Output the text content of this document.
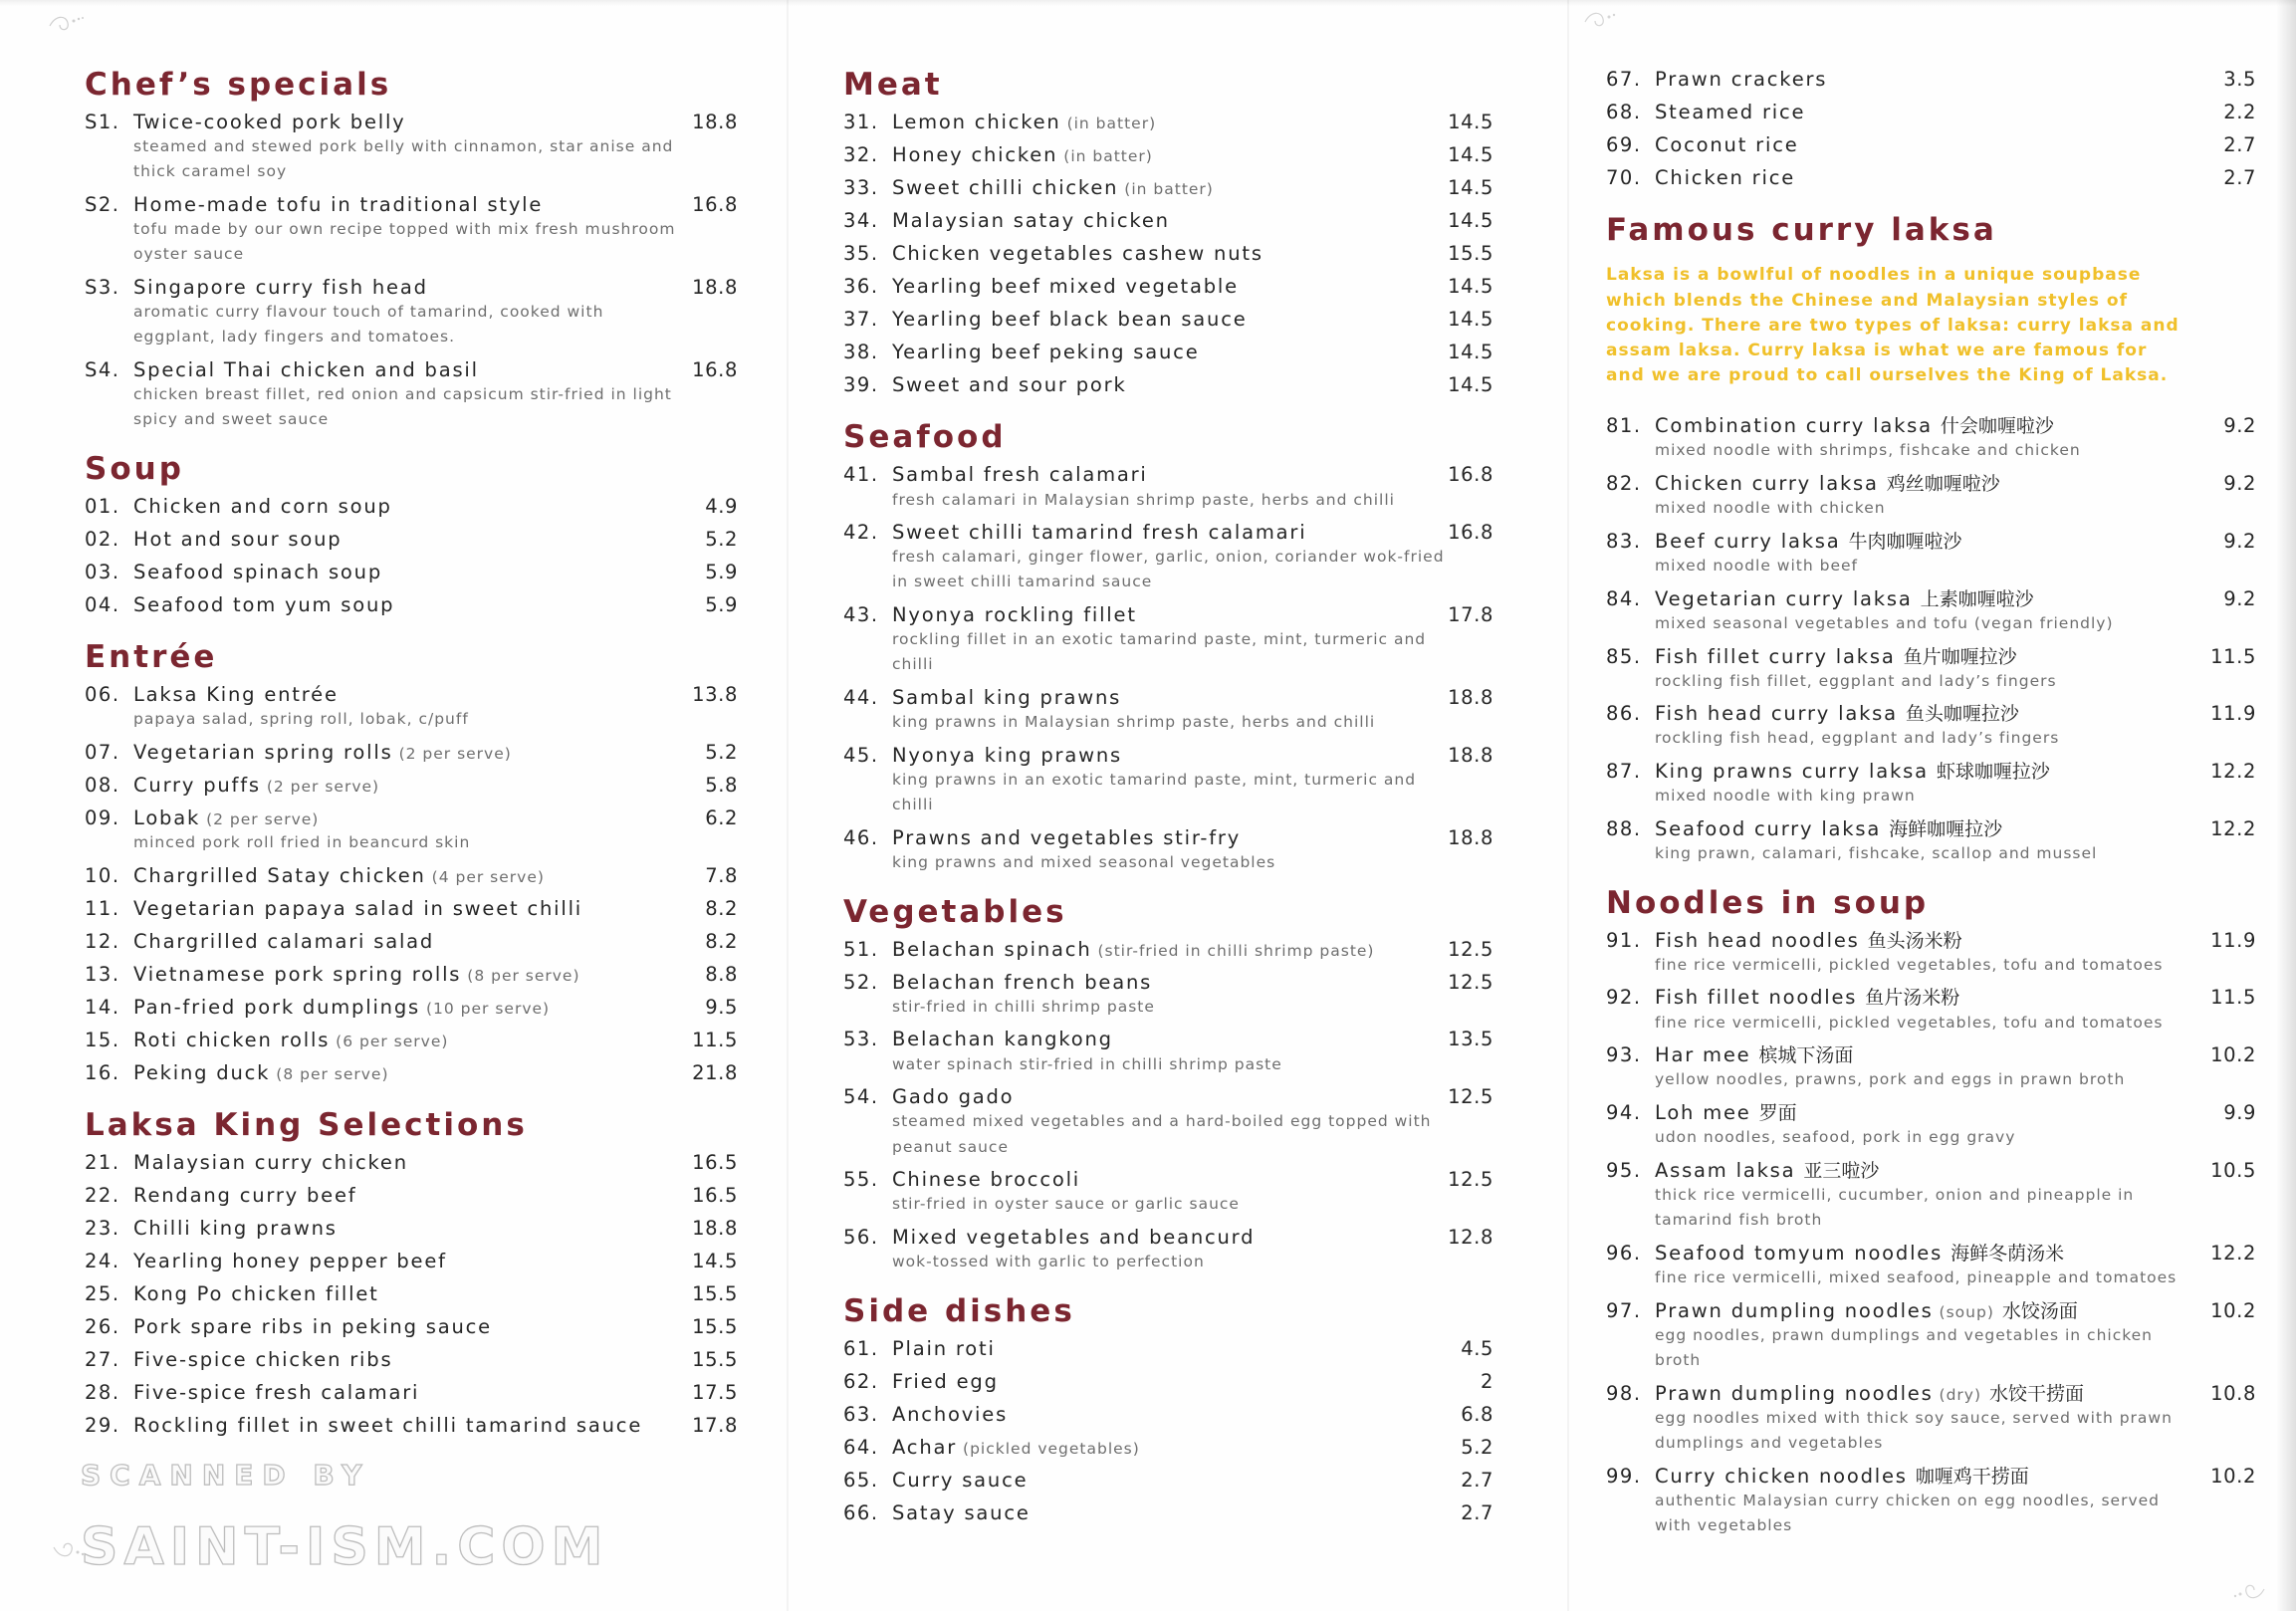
Chef’s specials
S1. Twice-cooked pork belly	18.8
steamed and stewed pork belly with cinnamon, star anise and
thick caramel soy
S2. Home-made tofu in traditional style	16.8
tofu made by our own recipe topped with mix fresh mushroom
oyster sauce
S3. Singapore curry fish head	18.8
aromatic curry flavour touch of tamarind, cooked with
eggplant, lady fingers and tomatoes.
S4. Special Thai chicken and basil	16.8
chicken breast fillet, red onion and capsicum stir-fried in light
spicy and sweet sauce
Soup
01. Chicken and corn soup	4.9
02. Hot and sour soup	5.2
03. Seafood spinach soup	5.9
04. Seafood tom yum soup	5.9
Entrée
06. Laksa King entrée	13.8
papaya salad, spring roll, lobak, c/puff
07. Vegetarian spring rolls (2 per serve)	5.2
08. Curry puffs (2 per serve)	5.8
09. Lobak (2 per serve)	6.2
minced pork roll fried in beancurd skin
10. Chargrilled Satay chicken (4 per serve)	7.8
11. Vegetarian papaya salad in sweet chilli	8.2
12. Chargrilled calamari salad	8.2
13. Vietnamese pork spring rolls (8 per serve)	8.8
14. Pan-fried pork dumplings (10 per serve)	9.5
15. Roti chicken rolls (6 per serve)	11.5
16. Peking duck (8 per serve)	21.8
Laksa King Selections
21. Malaysian curry chicken	16.5
22. Rendang curry beef	16.5
23. Chilli king prawns	18.8
24. Yearling honey pepper beef	14.5
25. Kong Po chicken fillet	15.5
26. Pork spare ribs in peking sauce	15.5
27. Five-spice chicken ribs	15.5
28. Five-spice fresh calamari	17.5
29. Rockling fillet in sweet chilli tamarind sauce	17.8
Meat
31. Lemon chicken (in batter)	14.5
32. Honey chicken (in batter)	14.5
33. Sweet chilli chicken (in batter)	14.5
34. Malaysian satay chicken	14.5
35. Chicken vegetables cashew nuts	15.5
36. Yearling beef mixed vegetable	14.5
37. Yearling beef black bean sauce	14.5
38. Yearling beef peking sauce	14.5
39. Sweet and sour pork	14.5
Seafood
41. Sambal fresh calamari	16.8
fresh calamari in Malaysian shrimp paste, herbs and chilli
42. Sweet chilli tamarind fresh calamari	16.8
fresh calamari, ginger flower, garlic, onion, coriander wok-fried
in sweet chilli tamarind sauce
43. Nyonya rockling fillet	17.8
rockling fillet in an exotic tamarind paste, mint, turmeric and
chilli
44. Sambal king prawns	18.8
king prawns in Malaysian shrimp paste, herbs and chilli
45. Nyonya king prawns	18.8
king prawns in an exotic tamarind paste, mint, turmeric and
chilli
46. Prawns and vegetables stir-fry	18.8
king prawns and mixed seasonal vegetables
Vegetables
51. Belachan spinach (stir-fried in chilli shrimp paste)	12.5
52. Belachan french beans	12.5
stir-fried in chilli shrimp paste
53. Belachan kangkong	13.5
water spinach stir-fried in chilli shrimp paste
54. Gado gado	12.5
steamed mixed vegetables and a hard-boiled egg topped with
peanut sauce
55. Chinese broccoli	12.5
stir-fried in oyster sauce or garlic sauce
56. Mixed vegetables and beancurd	12.8
wok-tossed with garlic to perfection
Side dishes
61. Plain roti	4.5
62. Fried egg	2
63. Anchovies	6.8
64. Achar (pickled vegetables)	5.2
65. Curry sauce	2.7
66. Satay sauce	2.7
67. Prawn crackers	3.5
68. Steamed rice	2.2
69. Coconut rice	2.7
70. Chicken rice	2.7
Famous curry laksa
Laksa is a bowlful of noodles in a unique soupbase
which blends the Chinese and Malaysian styles of
cooking. There are two types of laksa: curry laksa and
assam laksa. Curry laksa is what we are famous for
and we are proud to call ourselves the King of Laksa.
81. Combination curry laksa 什会咖喱啦沙	9.2
mixed noodle with shrimps, fishcake and chicken
82. Chicken curry laksa 鸡丝咖喱啦沙	9.2
mixed noodle with chicken
83. Beef curry laksa 牛肉咖喱啦沙	9.2
mixed noodle with beef
84. Vegetarian curry laksa 上素咖喱啦沙	9.2
mixed seasonal vegetables and tofu (vegan friendly)
85. Fish fillet curry laksa 鱼片咖喱拉沙	11.5
rockling fish fillet, eggplant and lady’s fingers
86. Fish head curry laksa 鱼头咖喱拉沙	11.9
rockling fish head, eggplant and lady’s fingers
87. King prawns curry laksa 虾球咖喱拉沙	12.2
mixed noodle with king prawn
88. Seafood curry laksa 海鲜咖喱拉沙	12.2
king prawn, calamari, fishcake, scallop and mussel
Noodles in soup
91. Fish head noodles 鱼头汤米粉	11.9
fine rice vermicelli, pickled vegetables, tofu and tomatoes
92. Fish fillet noodles 鱼片汤米粉	11.5
fine rice vermicelli, pickled vegetables, tofu and tomatoes
93. Har mee 槟城下汤面	10.2
yellow noodles, prawns, pork and eggs in prawn broth
94. Loh mee 罗面	9.9
udon noodles, seafood, pork in egg gravy
95. Assam laksa 亚三啦沙	10.5
thick rice vermicelli, cucumber, onion and pineapple in
tamarind fish broth
96. Seafood tomyum noodles 海鲜冬荫汤米	12.2
fine rice vermicelli, mixed seafood, pineapple and tomatoes
97. Prawn dumpling noodles (soup) 水饺汤面	10.2
egg noodles, prawn dumplings and vegetables in chicken
broth
98. Prawn dumpling noodles (dry) 水饺干捞面	10.8
egg noodles mixed with thick soy sauce, served with prawn
dumplings and vegetables
99. Curry chicken noodles 咖喱鸡干捞面	10.2
authentic Malaysian curry chicken on egg noodles, served
with vegetables
SCANNED BY
SAINT-ISM.COM
